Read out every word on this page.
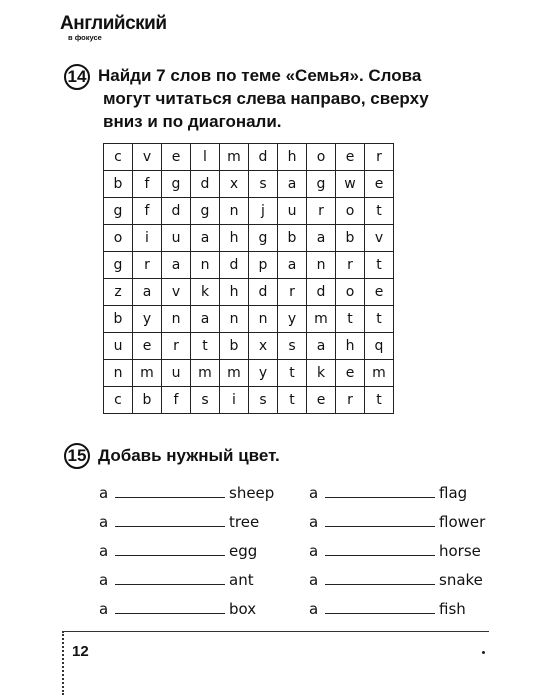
Английский
в фокусе
14 Найди 7 слов по теме «Семья». Слова
могут читаться слева направо, сверху
вниз и по диагонали.
c	v	e	l	m	d	h	o	e	r
b	f	g	d	x	s	a	g	w	e
g	f	d	g	n	j	u	r	o	t
o	i	u	a	h	g	b	a	b	v
g	r	a	n	d	p	a	n	r	t
z	a	v	k	h	d	r	d	o	e
b	y	n	a	n	n	y	m	t	t
u	e	r	t	b	x	s	a	h	q
n	m	u	m	m	y	t	k	e	m
c	b	f	s	i	s	t	e	r	t
15 Добавь нужный цвет.
a	sheep a	flag
a	tree	a	flower
a	egg	a	horse
a	ant	a	snake
a	box	a	fish
12
